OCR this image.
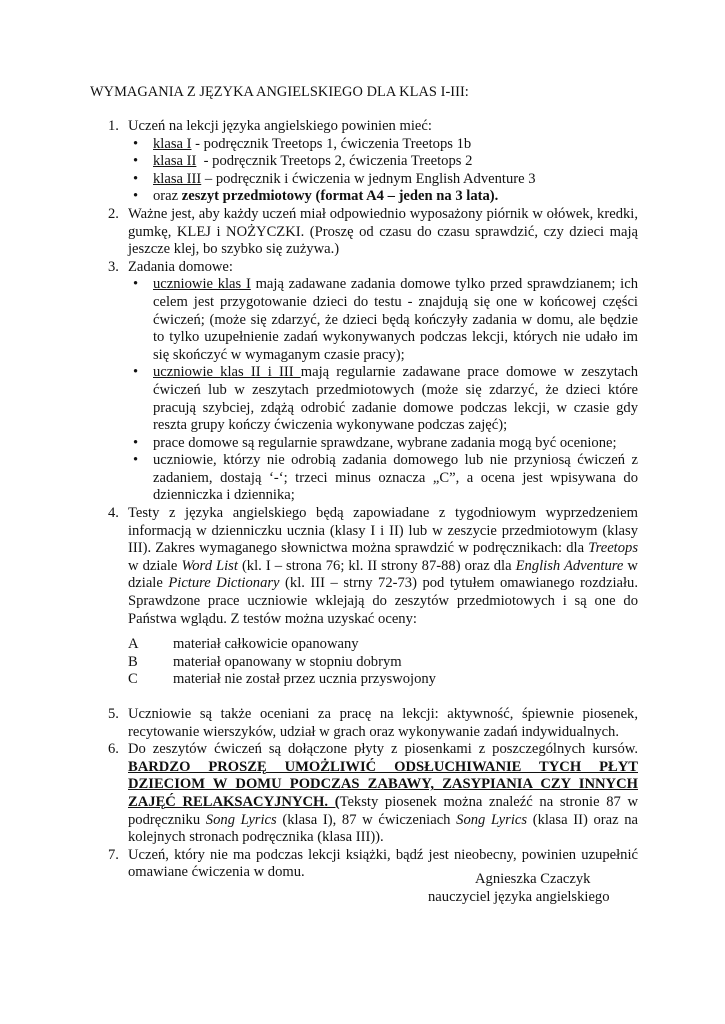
WYMAGANIA Z JĘZYKA ANGIELSKIEGO DLA KLAS I-III:
1. Uczeń na lekcji języka angielskiego powinien mieć:
• klasa I - podręcznik Treetops 1, ćwiczenia Treetops 1b
• klasa II  - podręcznik Treetops 2, ćwiczenia Treetops 2
• klasa III – podręcznik i ćwiczenia w jednym English Adventure 3
• oraz zeszyt przedmiotowy (format A4 – jeden na 3 lata).
2. Ważne jest, aby każdy uczeń miał odpowiednio wyposażony piórnik w ołówek, kredki, gumkę, KLEJ i NOŻYCZKI. (Proszę od czasu do czasu sprawdzić, czy dzieci mają jeszcze klej, bo szybko się zużywa.)
3. Zadania domowe:
• uczniowie klas I mają zadawane zadania domowe tylko przed sprawdzianem; ich celem jest przygotowanie dzieci do testu - znajdują się one w końcowej części ćwiczeń; (może się zdarzyć, że dzieci będą kończyły zadania w domu, ale będzie to tylko uzupełnienie zadań wykonywanych podczas lekcji, których nie udało im się skończyć w wymaganym czasie pracy);
• uczniowie klas II i III mają regularnie zadawane prace domowe w zeszytach ćwiczeń lub w zeszytach przedmiotowych (może się zdarzyć, że dzieci które pracują szybciej, zdążą odrobić zadanie domowe podczas lekcji, w czasie gdy reszta grupy kończy ćwiczenia wykonywane podczas zajęć);
• prace domowe są regularnie sprawdzane, wybrane zadania mogą być ocenione;
• uczniowie, którzy nie odrobią zadania domowego lub nie przyniosą ćwiczeń z zadaniem, dostają ‘-‘; trzeci minus oznacza „C”, a ocena jest wpisywana do dzienniczka i dziennika;
4. Testy z języka angielskiego będą zapowiadane z tygodniowym wyprzedzeniem informacją w dzienniczku ucznia (klasy I i II) lub w zeszycie przedmiotowym (klasy III). Zakres wymaganego słownictwa można sprawdzić w podręcznikach: dla Treetops w dziale Word List (kl. I – strona 76; kl. II strony 87-88) oraz dla English Adventure w dziale Picture Dictionary (kl. III – strny 72-73) pod tytułem omawianego rozdziału. Sprawdzone prace uczniowie wklejają do zeszytów przedmiotowych i są one do Państwa wglądu. Z testów można uzyskać oceny:
A materiał całkowicie opanowany
B materiał opanowany w stopniu dobrym
C materiał nie został przez ucznia przyswojony
5. Uczniowie są także oceniani za pracę na lekcji: aktywność, śpiewnie piosenek, recytowanie wierszyków, udział w grach oraz wykonywanie zadań indywidualnych.
6. Do zeszytów ćwiczeń są dołączone płyty z piosenkami z poszczególnych kursów. BARDZO PROSZĘ UMOŻLIWIĆ ODSŁUCHIWANIE TYCH PŁYT DZIECIOM W DOMU PODCZAS ZABAWY, ZASYPIANIA CZY INNYCH ZAJĘĆ RELAKSACYJNYCH. (Teksty piosenek można znaleźć na stronie 87 w podręczniku Song Lyrics (klasa I), 87 w ćwiczeniach Song Lyrics (klasa II) oraz na kolejnych stronach podręcznika (klasa III)).
7. Uczeń, który nie ma podczas lekcji książki, bądź jest nieobecny, powinien uzupełnić omawiane ćwiczenia w domu.	Agnieszka Czaczyk
nauczyciel języka angielskiego
